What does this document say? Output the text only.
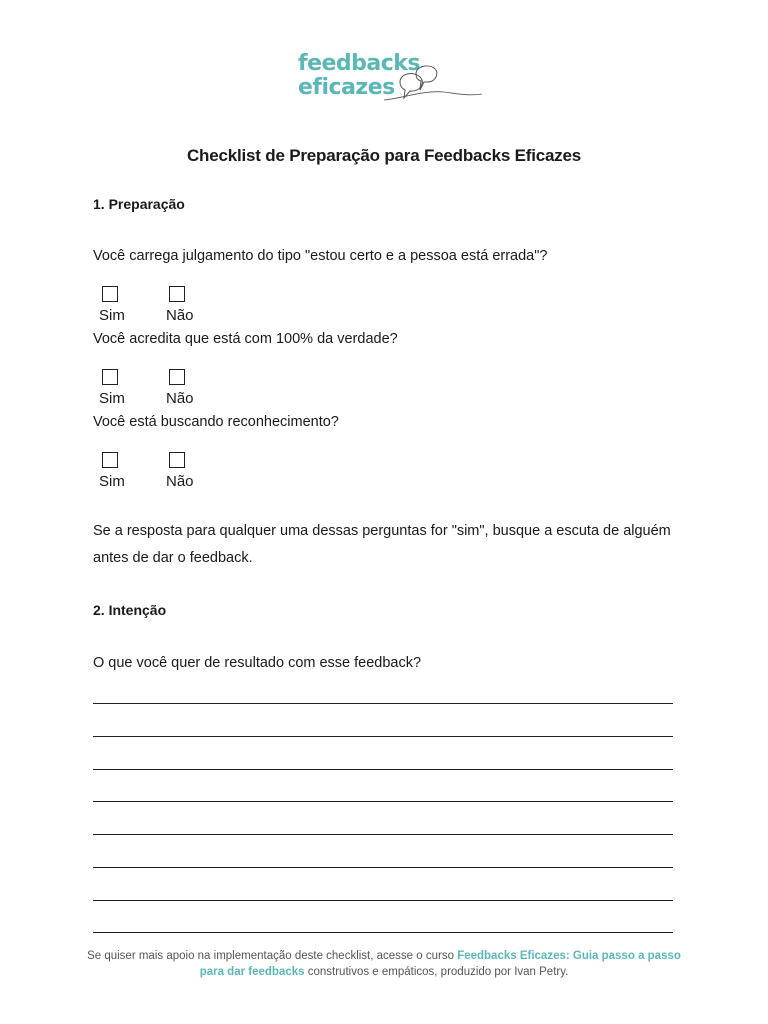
feedbacks
eficazes
Checklist de Preparação para Feedbacks Eficazes
1. Preparação
Você carrega julgamento do tipo "estou certo e a pessoa está errada"?
Sim	Não
Você acredita que está com 100% da verdade?
Sim	Não
Você está buscando reconhecimento?
Sim	Não
Se a resposta para qualquer uma dessas perguntas for "sim", busque a escuta de alguém antes de dar o feedback.
2. Intenção
O que você quer de resultado com esse feedback?
Se quiser mais apoio na implementação deste checklist, acesse o curso Feedbacks Eficazes: Guia passo a passo para dar feedbacks construtivos e empáticos, produzido por Ivan Petry.
